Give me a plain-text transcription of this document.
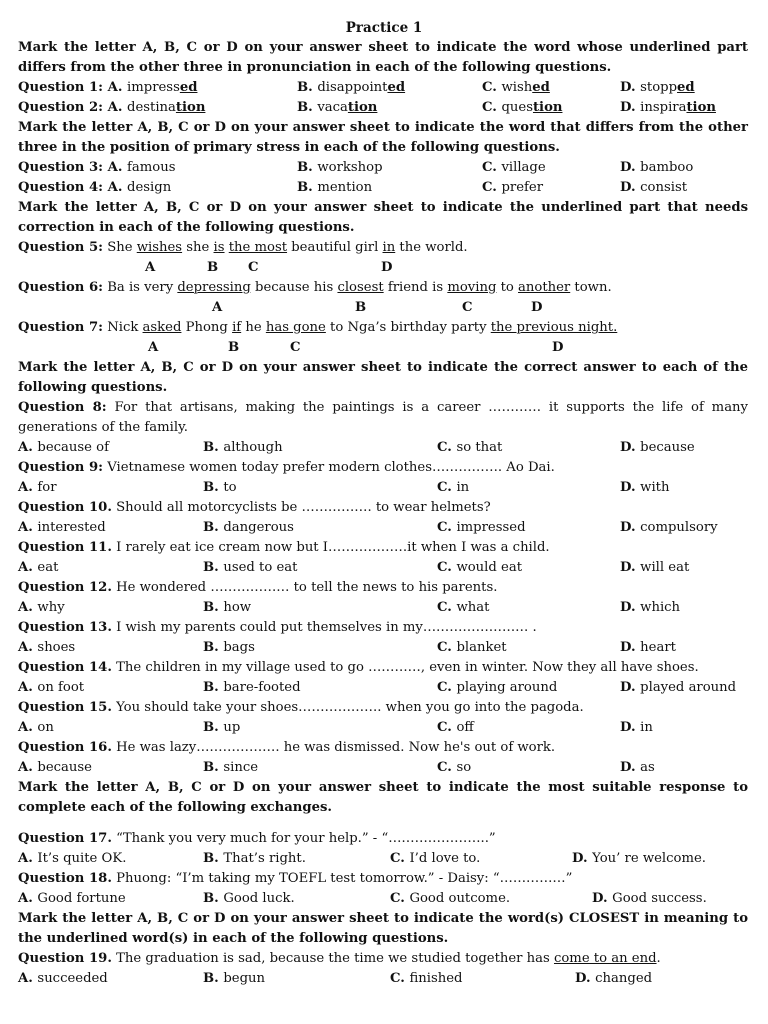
Practice 1
Mark the letter A, B, C or D on your answer sheet to indicate the word whose underlined part differs from the other three in pronunciation in each of the following questions.
Question 1: A. impressed	B. disappointed	C. wished	D. stopped
Question 2: A. destination	B. vacation	C. question	D. inspiration
Mark the letter A, B, C or D on your answer sheet to indicate the word that differs from the other three in the position of primary stress in each of the following questions.
Question 3: A. famous	B. workshop	C. village	D. bamboo
Question 4: A. design	B. mention	C. prefer	D. consist
Mark the letter A, B, C or D on your answer sheet to indicate the underlined part that needs correction in each of the following questions.
Question 5: She wishes she is the most beautiful girl in the world.
A	B C	D
Question 6: Ba is very depressing because his closest friend is moving to another town.
A	B	C	D
Question 7: Nick asked Phong if he has gone to Nga’s birthday party the previous night.
A	B	C	D
Mark the letter A, B, C or D on your answer sheet to indicate the correct answer to each of the following questions.
Question 8: For that artisans, making the paintings is a career ………… it supports the life of many generations of the family.
A. because of	B. although	C. so that	D. because
Question 9: Vietnamese women today prefer modern clothes……………. Ao Dai.
A. for	B. to	C. in	D. with
Question 10. Should all motorcyclists be ……………. to wear helmets?
A. interested	B. dangerous	C. impressed	D. compulsory
Question 11. I rarely eat ice cream now but I………………it when I was a child.
A. eat	B. used to eat	C. would eat	D. will eat
Question 12. He wondered ……………… to tell the news to his parents.
A. why	B. how	C. what	D. which
Question 13. I wish my parents could put themselves in my…………………… .
A. shoes	B. bags	C. blanket	D. heart
Question 14. The children in my village used to go …………, even in winter. Now they all have shoes.
A. on foot	B. bare-footed	C. playing around	D. played around
Question 15. You should take your shoes………………. when you go into the pagoda.
A. on	B. up	C. off	D. in
Question 16. He was lazy………………. he was dismissed. Now he's out of work.
A. because	B. since	C. so	D. as
Mark the letter A, B, C or D on your answer sheet to indicate the most suitable response to complete each of the following exchanges.
Question 17. “Thank you very much for your help.” - “…………………..”
A. It’s quite OK.	B. That’s right.	C. I’d love to.	D. You’ re welcome.
Question 18. Phuong: “I’m taking my TOEFL test tomorrow.” - Daisy: “……………”
A. Good fortune	B. Good luck.	C. Good outcome.	D. Good success.
Mark the letter A, B, C or D on your answer sheet to indicate the word(s) CLOSEST in meaning to the underlined word(s) in each of the following questions.
Question 19. The graduation is sad, because the time we studied together has come to an end.
A. succeeded	B. begun	C. finished	D. changed
